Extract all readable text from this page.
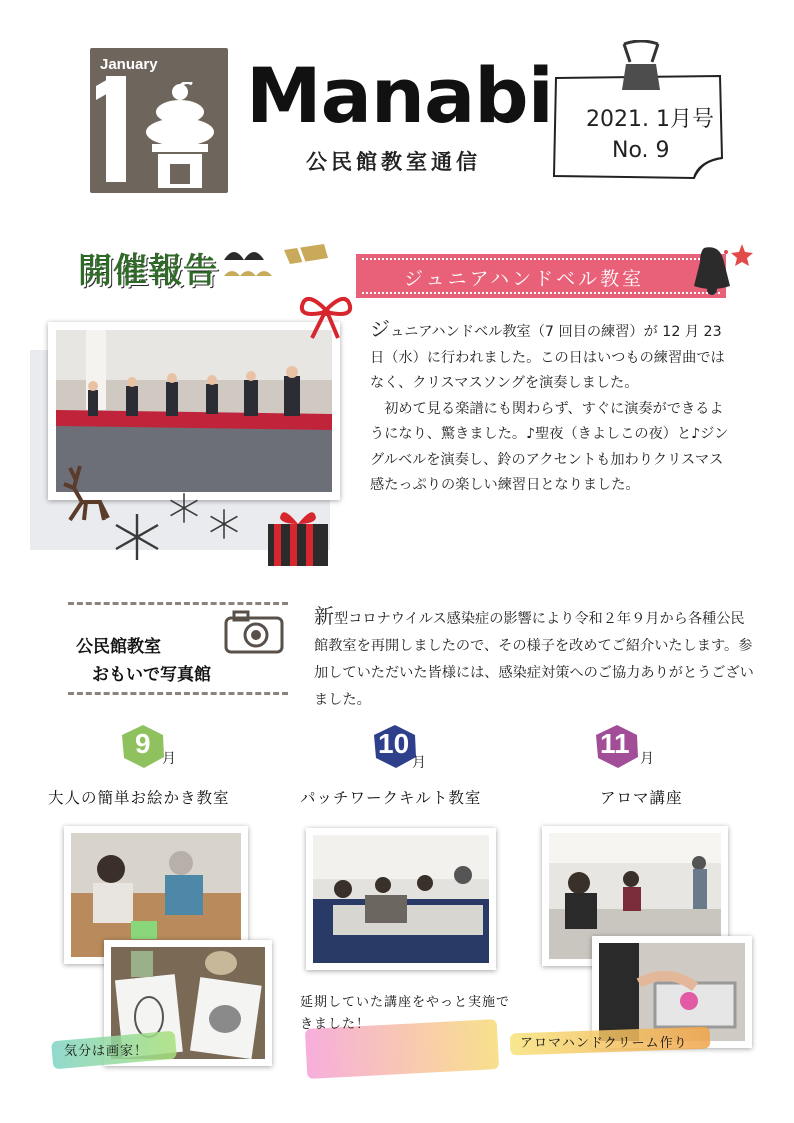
January Manabi
公民館教室通信
2021. 1月号
No. 9
開催報告	ジュニアハンドベル教室

ジュニアハンドベル教室（7 回目の練習）が 12 月 23 日（水）に行われました。この日はいつもの練習曲ではなく、クリスマスソングを演奏しました。

初めて見る楽譜にも関わらず、すぐに演奏ができるようになり、驚きました。♪聖夜（きよしこの夜）と♪ジングルベルを演奏し、鈴のアクセントも加わりクリスマス感たっぷりの楽しい練習日となりました。

公民館教室
おもいで写真館
新型コロナウイルス感染症の影響により令和２年９月から各種公民館教室を再開しましたので、その様子を改めてご紹介いたします。参加していただいた皆様には、感染症対策へのご協力ありがとうございました。
9 月
大人の簡単お絵かき教室
10
月
パッチワークキルト教室
11 月
アロマ講座
気分は画家！
延期していた講座をやっと実施できました！
アロマハンドクリーム作り
